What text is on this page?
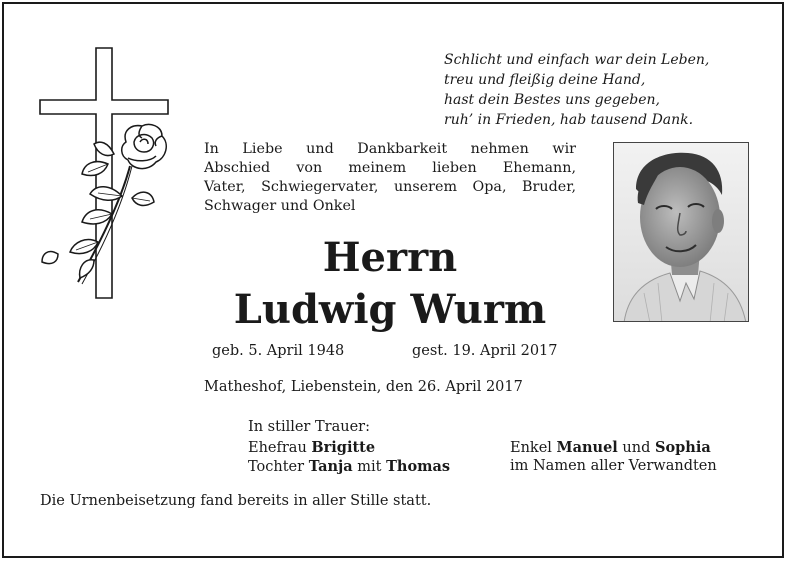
Schlicht und einfach war dein Leben,
treu und fleißig deine Hand,
hast dein Bestes uns gegeben,
ruh’ in Frieden, hab tausend Dank.
In Liebe und Dankbarkeit nehmen wir
Abschied von meinem lieben Ehemann,
Vater, Schwiegervater, unserem Opa, Bruder,
Schwager und Onkel
Herrn
Ludwig Wurm
geb. 5. April 1948	gest. 19. April 2017
Matheshof, Liebenstein, den 26. April 2017
In stiller Trauer:
Ehefrau Brigitte
Tochter Tanja mit Thomas
Enkel Manuel und Sophia
im Namen aller Verwandten
Die Urnenbeisetzung fand bereits in aller Stille statt.
